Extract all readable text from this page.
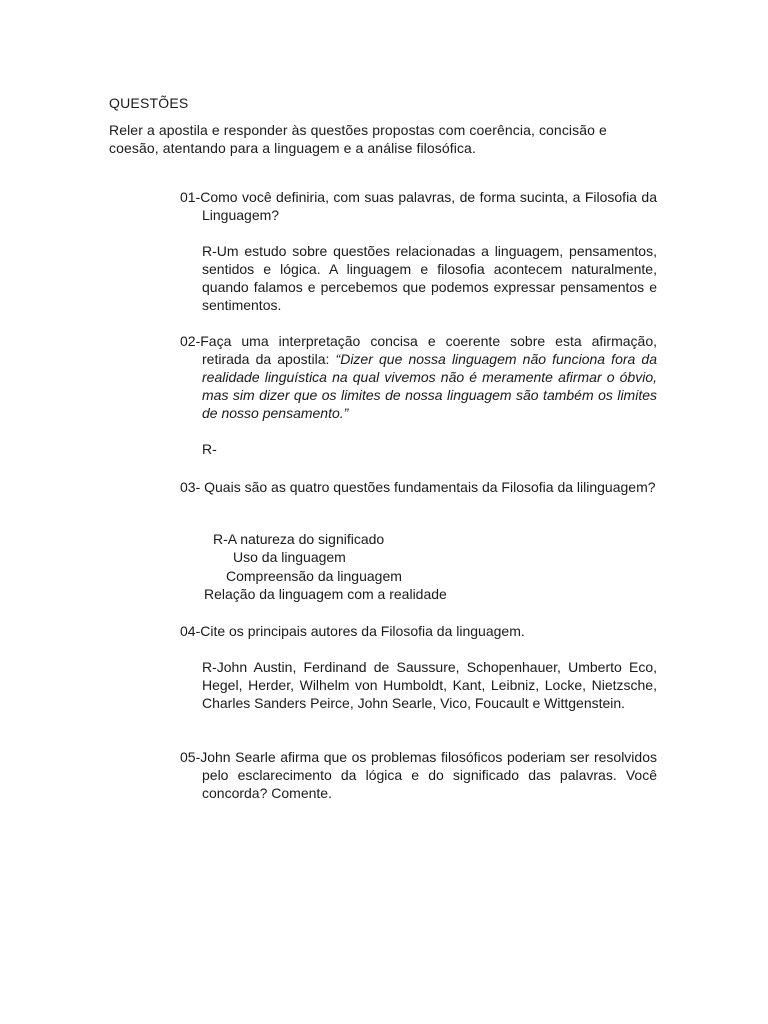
QUESTÕES
Reler a apostila e responder às questões propostas com coerência, concisão e coesão, atentando para a linguagem e a análise filosófica.
01-Como você definiria, com suas palavras, de forma sucinta, a Filosofia da Linguagem?
R-Um estudo sobre questões relacionadas a linguagem, pensamentos, sentidos e lógica. A linguagem e filosofia acontecem naturalmente, quando falamos e percebemos que podemos expressar pensamentos e sentimentos.
02-Faça uma interpretação concisa e coerente sobre esta afirmação, retirada da apostila: “Dizer que nossa linguagem não funciona fora da realidade linguística na qual vivemos não é meramente afirmar o óbvio, mas sim dizer que os limites de nossa linguagem são também os limites de nosso pensamento.”
R-
03- Quais são as quatro questões fundamentais da Filosofia da lilinguagem?
R-A natureza do significado
Uso da linguagem
Compreensão da linguagem
Relação da linguagem com a realidade
04-Cite os principais autores da Filosofia da linguagem.
R-John Austin, Ferdinand de Saussure, Schopenhauer, Umberto Eco, Hegel, Herder, Wilhelm von Humboldt, Kant, Leibniz, Locke, Nietzsche, Charles Sanders Peirce, John Searle, Vico, Foucault e Wittgenstein.
05-John Searle afirma que os problemas filosóficos poderiam ser resolvidos pelo esclarecimento da lógica e do significado das palavras. Você concorda? Comente.
